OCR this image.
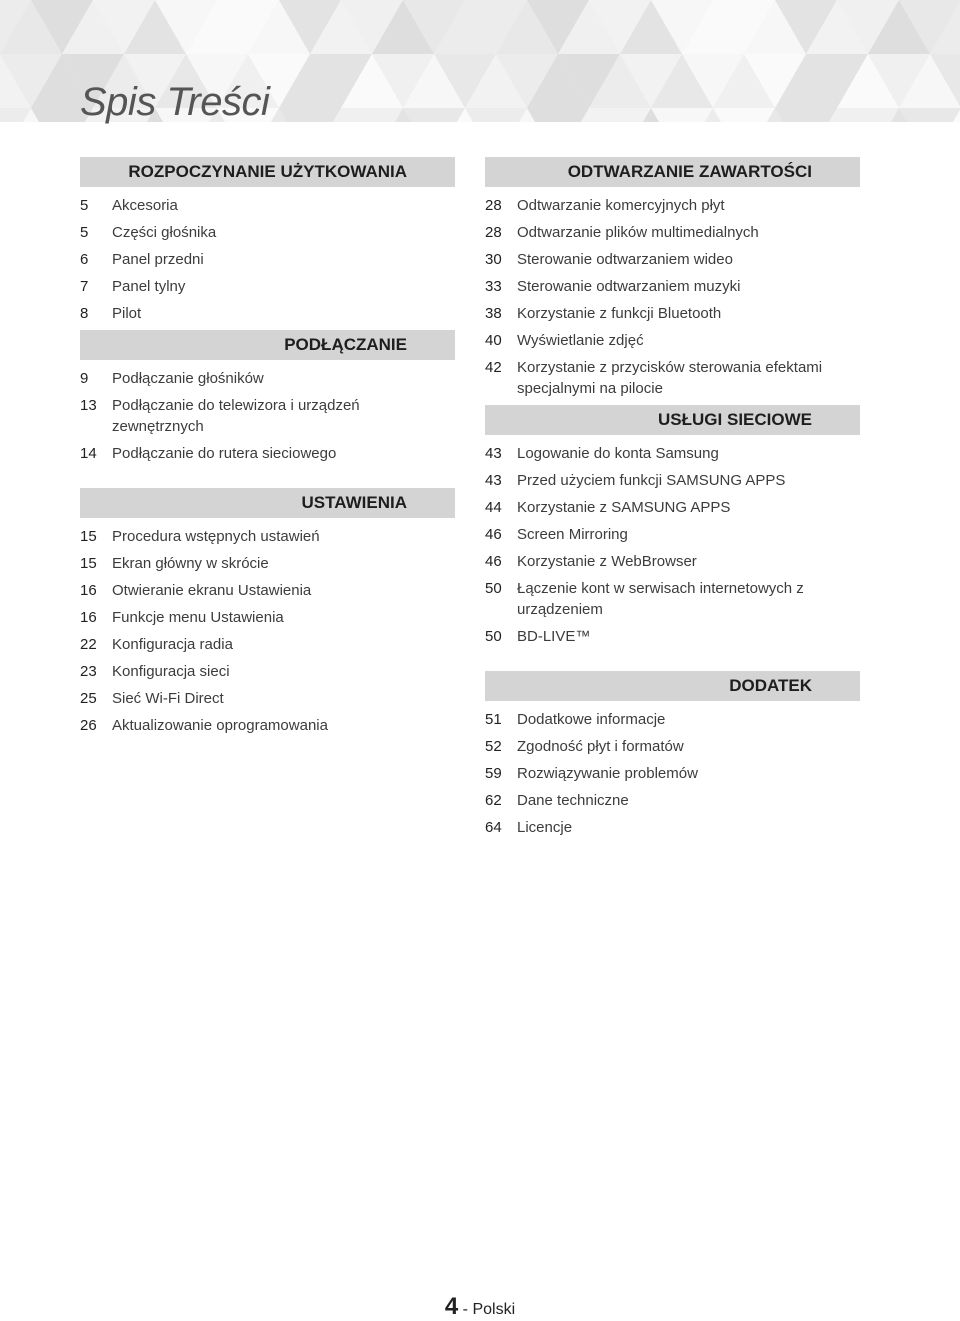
Spis Treści
ROZPOCZYNANIE UŻYTKOWANIA
5	Akcesoria
5	Części głośnika
6	Panel przedni
7	Panel tylny
8	Pilot
PODŁĄCZANIE
9	Podłączanie głośników
13	Podłączanie do telewizora i urządzeń zewnętrznych
14	Podłączanie do rutera sieciowego
USTAWIENIA
15	Procedura wstępnych ustawień
15	Ekran główny w skrócie
16	Otwieranie ekranu Ustawienia
16	Funkcje menu Ustawienia
22	Konfiguracja radia
23	Konfiguracja sieci
25	Sieć Wi-Fi Direct
26	Aktualizowanie oprogramowania
ODTWARZANIE ZAWARTOŚCI
28	Odtwarzanie komercyjnych płyt
28	Odtwarzanie plików multimedialnych
30	Sterowanie odtwarzaniem wideo
33	Sterowanie odtwarzaniem muzyki
38	Korzystanie z funkcji Bluetooth
40	Wyświetlanie zdjęć
42	Korzystanie z przycisków sterowania efektami specjalnymi na pilocie
USŁUGI SIECIOWE
43	Logowanie do konta Samsung
43	Przed użyciem funkcji SAMSUNG APPS
44	Korzystanie z SAMSUNG APPS
46	Screen Mirroring
46	Korzystanie z WebBrowser
50	Łączenie kont w serwisach internetowych z urządzeniem
50	BD-LIVE™
DODATEK
51	Dodatkowe informacje
52	Zgodność płyt i formatów
59	Rozwiązywanie problemów
62	Dane techniczne
64	Licencje
4 - Polski
